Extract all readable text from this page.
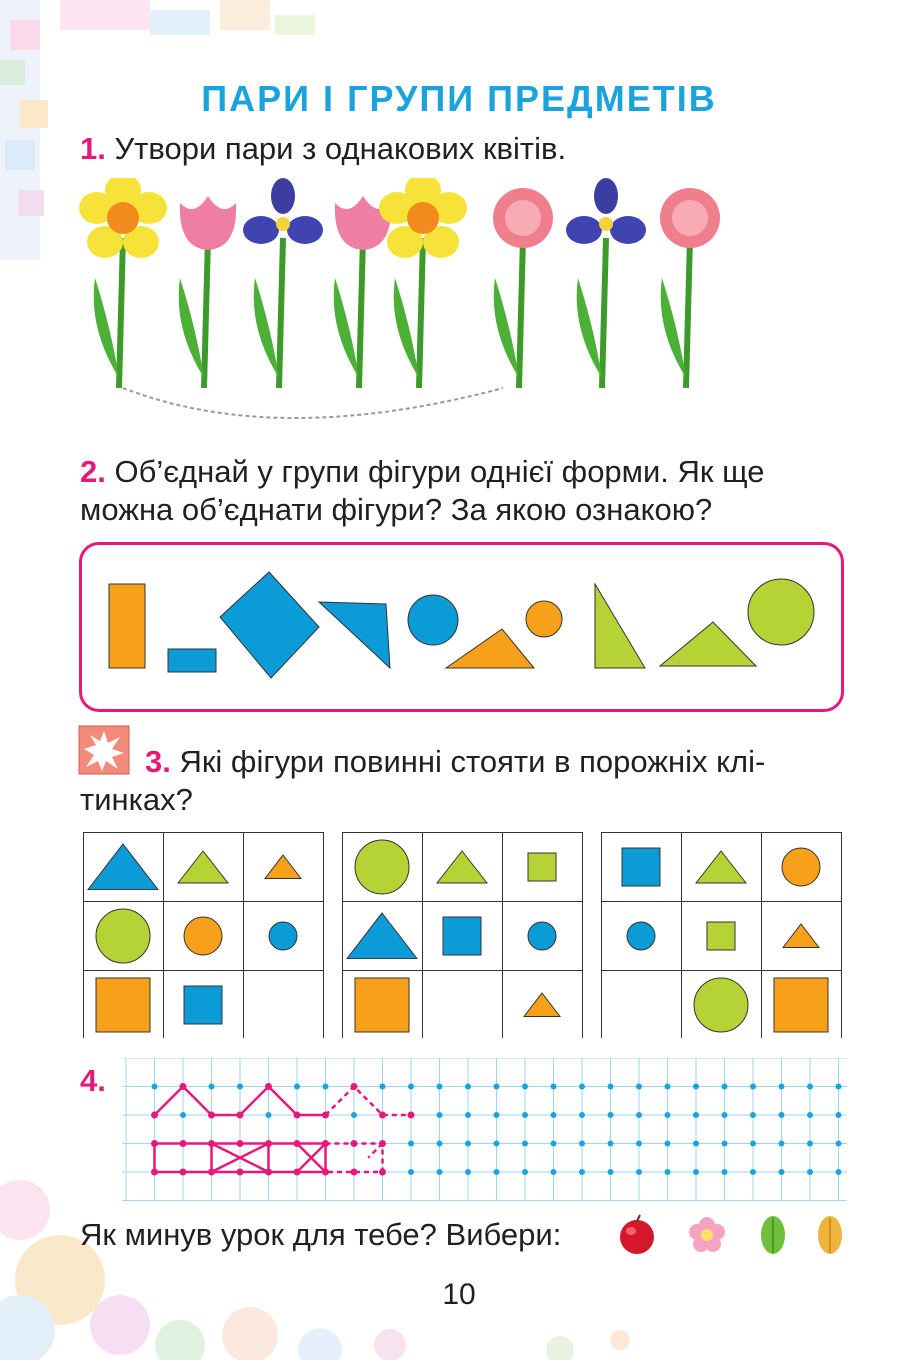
ПАРИ І ГРУПИ ПРЕДМЕТІВ
1. Утвори пари з однакових квітів.
2. Об’єднай у групи фігури однієї форми. Як ще
можна об’єднати фігури? За якою ознакою?
3. Які фігури повинні стояти в порожніх клі-
тинках?
4.
Як минув урок для тебе? Вибери:
10
